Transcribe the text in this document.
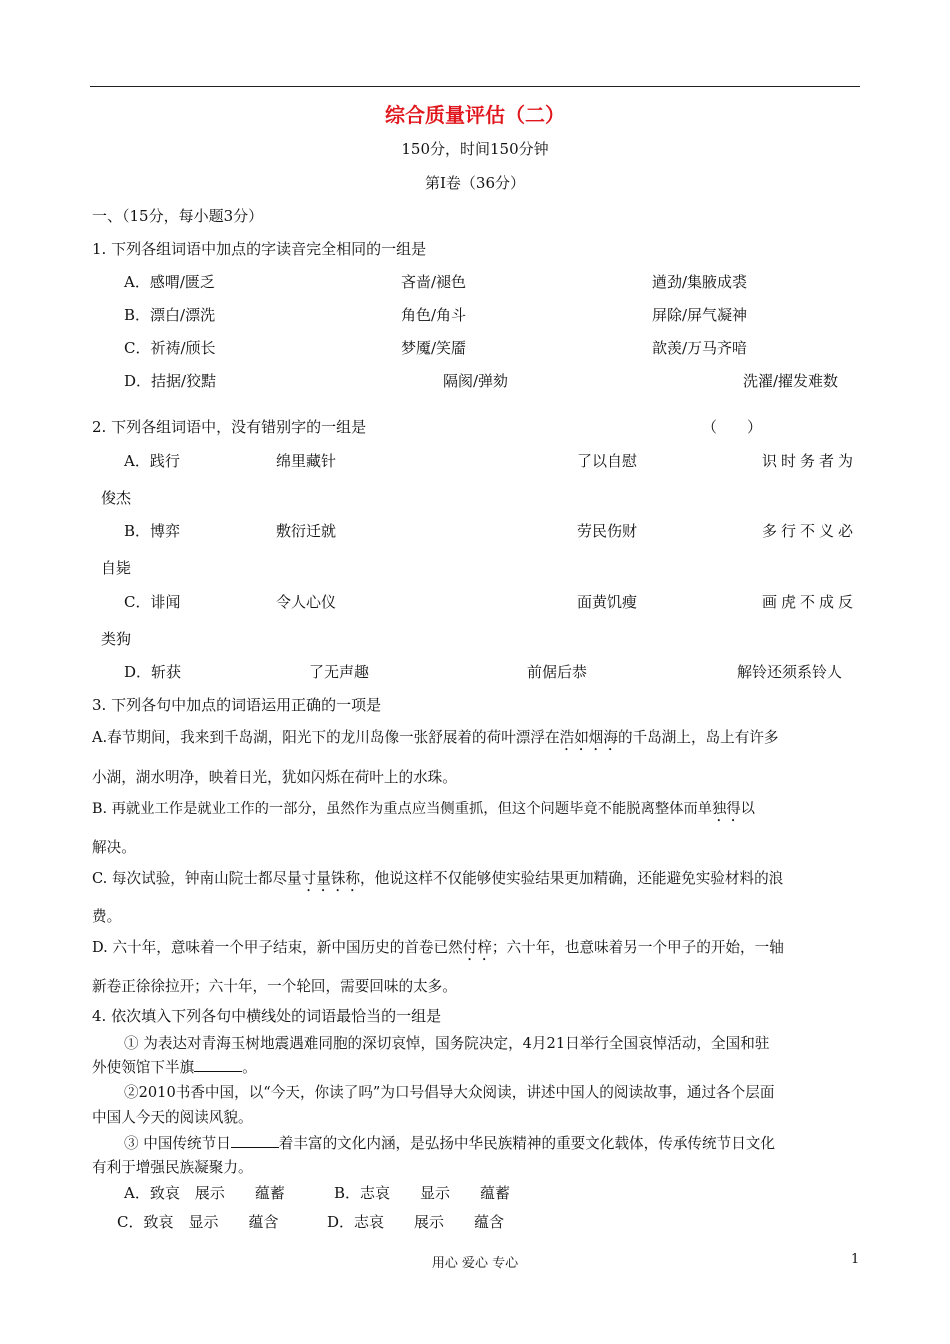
综合质量评估（二）
150分，时间150分钟
第Ⅰ卷（36分）
一、（15分，每小题3分）
1. 下列各组词语中加点的字读音完全相同的一组是
A．感喟/匮乏	吝啬/褪色	遒劲/集腋成裘
B．漂白/漂洗	角色/角斗	屏除/屏气凝神
C．祈祷/颀长	梦魇/笑靥	歆羡/万马齐喑
D．拮据/狡黠	隔阂/弹劾	洗濯/擢发难数
2. 下列各组词语中，没有错别字的一组是	（　　）
A．践行	绵里藏针	了以自慰	识时务者为
俊杰
B．博弈	敷衍迁就	劳民伤财	多行不义必
自毙
C．诽闻	令人心仪	面黄饥瘦	画虎不成反
类狗
D．斩获	了无声趣	前倨后恭	解铃还须系铃人
3. 下列各句中加点的词语运用正确的一项是
A.春节期间，我来到千岛湖，阳光下的龙川岛像一张舒展着的荷叶漂浮在浩如烟海的千岛湖上，岛上有许多
小湖，湖水明净，映着日光，犹如闪烁在荷叶上的水珠。
B. 再就业工作是就业工作的一部分，虽然作为重点应当侧重抓，但这个问题毕竟不能脱离整体而单独得以
解决。
C. 每次试验，钟南山院士都尽量寸量铢称，他说这样不仅能够使实验结果更加精确，还能避免实验材料的浪
费。
D. 六十年，意味着一个甲子结束，新中国历史的首卷已然付梓；六十年，也意味着另一个甲子的开始，一轴
新卷正徐徐拉开；六十年，一个轮回，需要回味的太多。
4. 依次填入下列各句中横线处的词语最恰当的一组是
① 为表达对青海玉树地震遇难同胞的深切哀悼，国务院决定，4月21日举行全国哀悼活动，全国和驻
外使领馆下半旗	。
②2010书香中国，以“今天，你读了吗”为口号倡导大众阅读，讲述中国人的阅读故事，通过各个层面
中国人今天的阅读风貌。
③ 中国传统节日	着丰富的文化内涵，是弘扬中华民族精神的重要文化载体，传承传统节日文化
有利于增强民族凝聚力。
A．致哀　展示　　蕴蓄	B．志哀　　显示　　蕴蓄
C．致哀　显示　　蕴含	D．志哀　　展示　　蕴含
用心 爱心 专心	1
